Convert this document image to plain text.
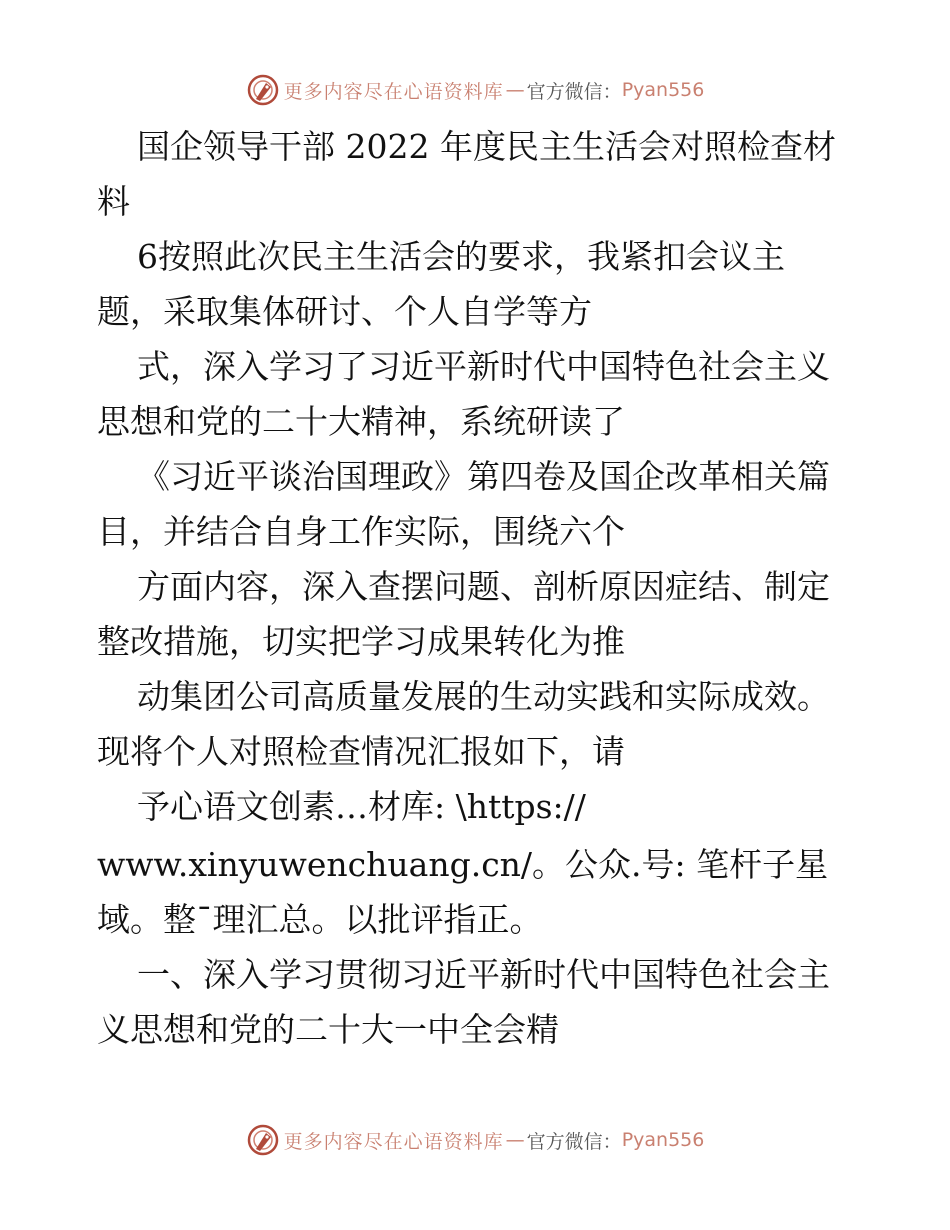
更多内容尽在心语资料库 — 官方微信： Pyan556
国企领导干部 2022 年度民主生活会对照检查材
料
6按照此次民主生活会的要求，我紧扣会议主
题，采取集体研讨、个人自学等方
式，深入学习了习近平新时代中国特色社会主义
思想和党的二十大精神，系统研读了
《习近平谈治国理政》第四卷及国企改革相关篇
目，并结合自身工作实际，围绕六个
方面内容，深入查摆问题、剖析原因症结、制定
整改措施，切实把学习成果转化为推
动集团公司高质量发展的生动实践和实际成效。
现将个人对照检查情况汇报如下，请
予心语文创素…材库: \https://
www.xinyuwenchuang.cn/。公众.号: 笔杆子星
域。整¯理汇总。以批评指正。
一、深入学习贯彻习近平新时代中国特色社会主
义思想和党的二十大一中全会精
更多内容尽在心语资料库 — 官方微信： Pyan556
